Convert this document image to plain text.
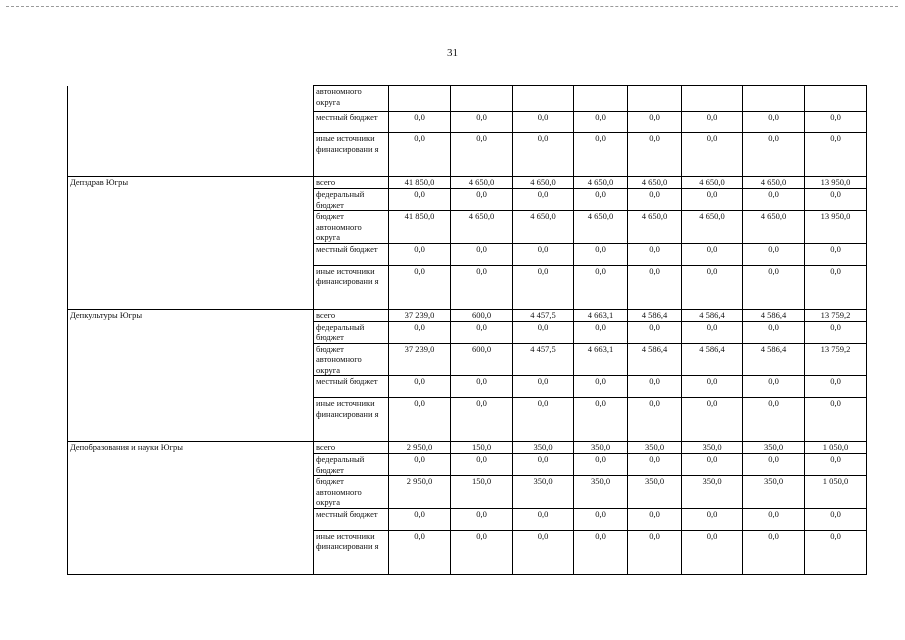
31
	автономного округа								
	местный бюджет	0,0	0,0	0,0	0,0	0,0	0,0	0,0	0,0
	иные источники финансировани я	0,0	0,0	0,0	0,0	0,0	0,0	0,0	0,0
Депздрав Югры	всего	41 850,0	4 650,0	4 650,0	4 650,0	4 650,0	4 650,0	4 650,0	13 950,0
	федеральный бюджет	0,0	0,0	0,0	0,0	0,0	0,0	0,0	0,0
	бюджет автономного округа	41 850,0	4 650,0	4 650,0	4 650,0	4 650,0	4 650,0	4 650,0	13 950,0
	местный бюджет	0,0	0,0	0,0	0,0	0,0	0,0	0,0	0,0
	иные источники финансировани я	0,0	0,0	0,0	0,0	0,0	0,0	0,0	0,0
Депкультуры Югры	всего	37 239,0	600,0	4 457,5	4 663,1	4 586,4	4 586,4	4 586,4	13 759,2
	федеральный бюджет	0,0	0,0	0,0	0,0	0,0	0,0	0,0	0,0
	бюджет автономного округа	37 239,0	600,0	4 457,5	4 663,1	4 586,4	4 586,4	4 586,4	13 759,2
	местный бюджет	0,0	0,0	0,0	0,0	0,0	0,0	0,0	0,0
	иные источники финансировани я	0,0	0,0	0,0	0,0	0,0	0,0	0,0	0,0
Депобразования и науки Югры	всего	2 950,0	150,0	350,0	350,0	350,0	350,0	350,0	1 050,0
	федеральный бюджет	0,0	0,0	0,0	0,0	0,0	0,0	0,0	0,0
	бюджет автономного округа	2 950,0	150,0	350,0	350,0	350,0	350,0	350,0	1 050,0
	местный бюджет	0,0	0,0	0,0	0,0	0,0	0,0	0,0	0,0
	иные источники финансировани я	0,0	0,0	0,0	0,0	0,0	0,0	0,0	0,0
